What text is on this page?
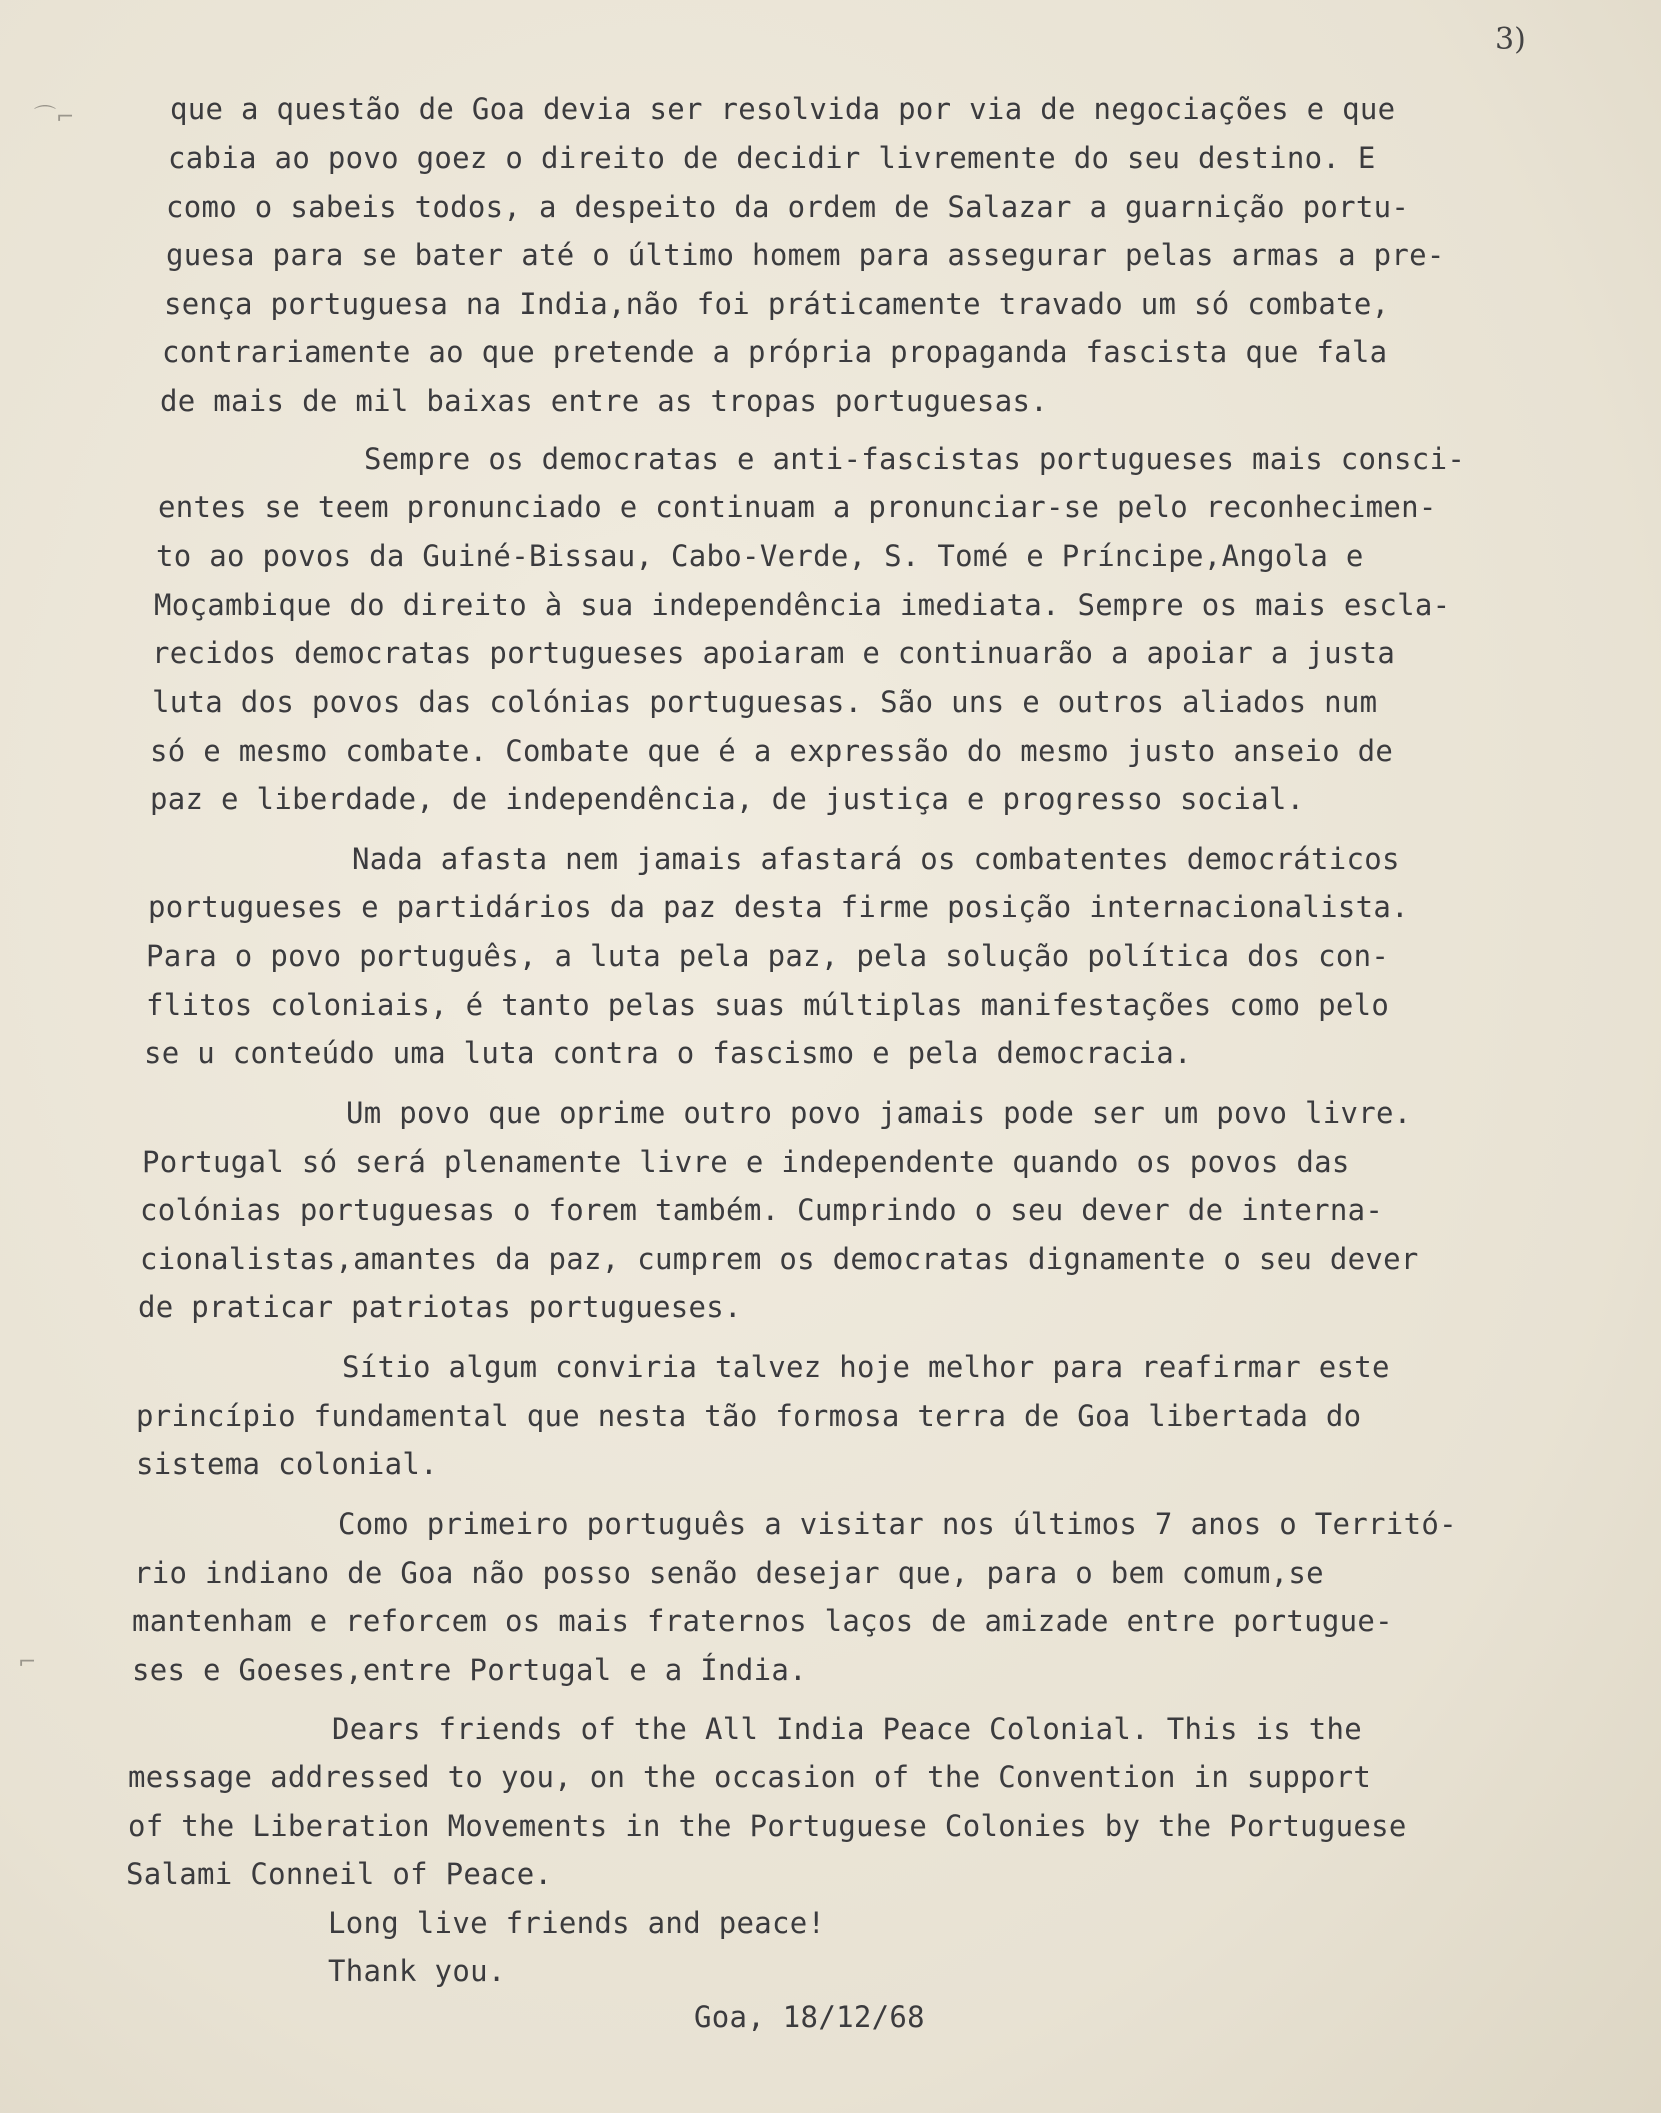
⌒⌐
⌐
3)
que a questão de Goa devia ser resolvida por via de negociações e que
cabia ao povo goez o direito de decidir livremente do seu destino. E
como o sabeis todos, a despeito da ordem de Salazar a guarnição portu-
guesa para se bater até o último homem para assegurar pelas armas a pre-
sença portuguesa na India,não foi práticamente travado um só combate,
contrariamente ao que pretende a própria propaganda fascista que fala
de mais de mil baixas entre as tropas portuguesas.
Sempre os democratas e anti-fascistas portugueses mais consci-
entes se teem pronunciado e continuam a pronunciar-se pelo reconhecimen-
to ao povos da Guiné-Bissau, Cabo-Verde, S. Tomé e Príncipe,Angola e
Moçambique do direito à sua independência imediata. Sempre os mais escla-
recidos democratas portugueses apoiaram e continuarão a apoiar a justa
luta dos povos das colónias portuguesas. São uns e outros aliados num
só e mesmo combate. Combate que é a expressão do mesmo justo anseio de
paz e liberdade, de independência, de justiça e progresso social.
Nada afasta nem jamais afastará os combatentes democráticos
portugueses e partidários da paz desta firme posição internacionalista.
Para o povo português, a luta pela paz, pela solução política dos con-
flitos coloniais, é tanto pelas suas múltiplas manifestações como pelo
se u conteúdo uma luta contra o fascismo e pela democracia.
Um povo que oprime outro povo jamais pode ser um povo livre.
Portugal só será plenamente livre e independente quando os povos das
colónias portuguesas o forem também. Cumprindo o seu dever de interna-
cionalistas,amantes da paz, cumprem os democratas dignamente o seu dever
de praticar patriotas portugueses.
Sítio algum conviria talvez hoje melhor para reafirmar este
princípio fundamental que nesta tão formosa terra de Goa libertada do
sistema colonial.
Como primeiro português a visitar nos últimos 7 anos o Territó-
rio indiano de Goa não posso senão desejar que, para o bem comum,se
mantenham e reforcem os mais fraternos laços de amizade entre portugue-
ses e Goeses,entre Portugal e a Índia.
Dears friends of the All India Peace Colonial. This is the
message addressed to you, on the occasion of the Convention in support
of the Liberation Movements in the Portuguese Colonies by the Portuguese
Salami Conneil of Peace.
Long live friends and peace!
Thank you.
Goa, 18/12/68
